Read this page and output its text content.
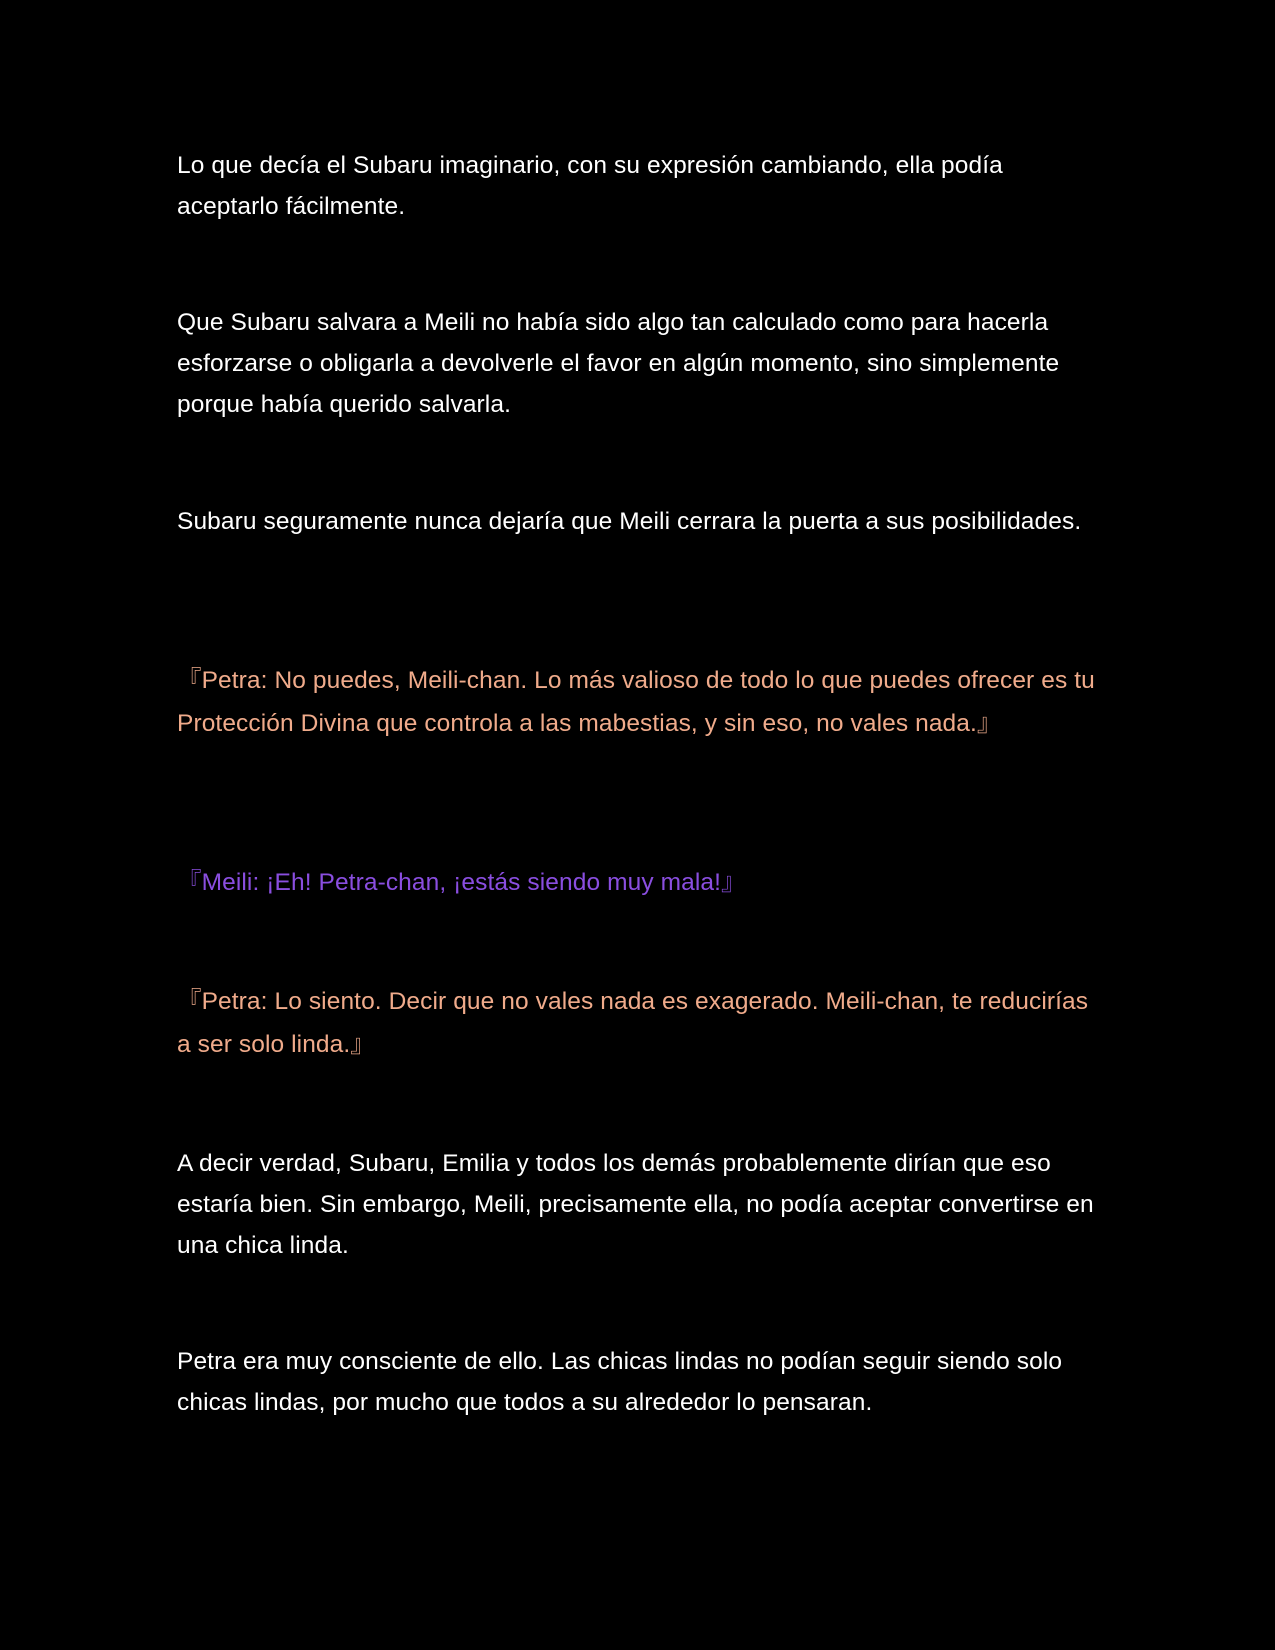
Lo que decía el Subaru imaginario, con su expresión cambiando, ella podía aceptarlo fácilmente.

Que Subaru salvara a Meili no había sido algo tan calculado como para hacerla esforzarse o obligarla a devolverle el favor en algún momento, sino simplemente porque había querido salvarla.

Subaru seguramente nunca dejaría que Meili cerrara la puerta a sus posibilidades.

『Petra: No puedes, Meili-chan. Lo más valioso de todo lo que puedes ofrecer es tu Protección Divina que controla a las mabestias, y sin eso, no vales nada.』

『Meili: ¡Eh! Petra-chan, ¡estás siendo muy mala!』

『Petra: Lo siento. Decir que no vales nada es exagerado. Meili-chan, te reducirías a ser solo linda.』

A decir verdad, Subaru, Emilia y todos los demás probablemente dirían que eso estaría bien. Sin embargo, Meili, precisamente ella, no podía aceptar convertirse en una chica linda.

Petra era muy consciente de ello. Las chicas lindas no podían seguir siendo solo chicas lindas, por mucho que todos a su alrededor lo pensaran.
